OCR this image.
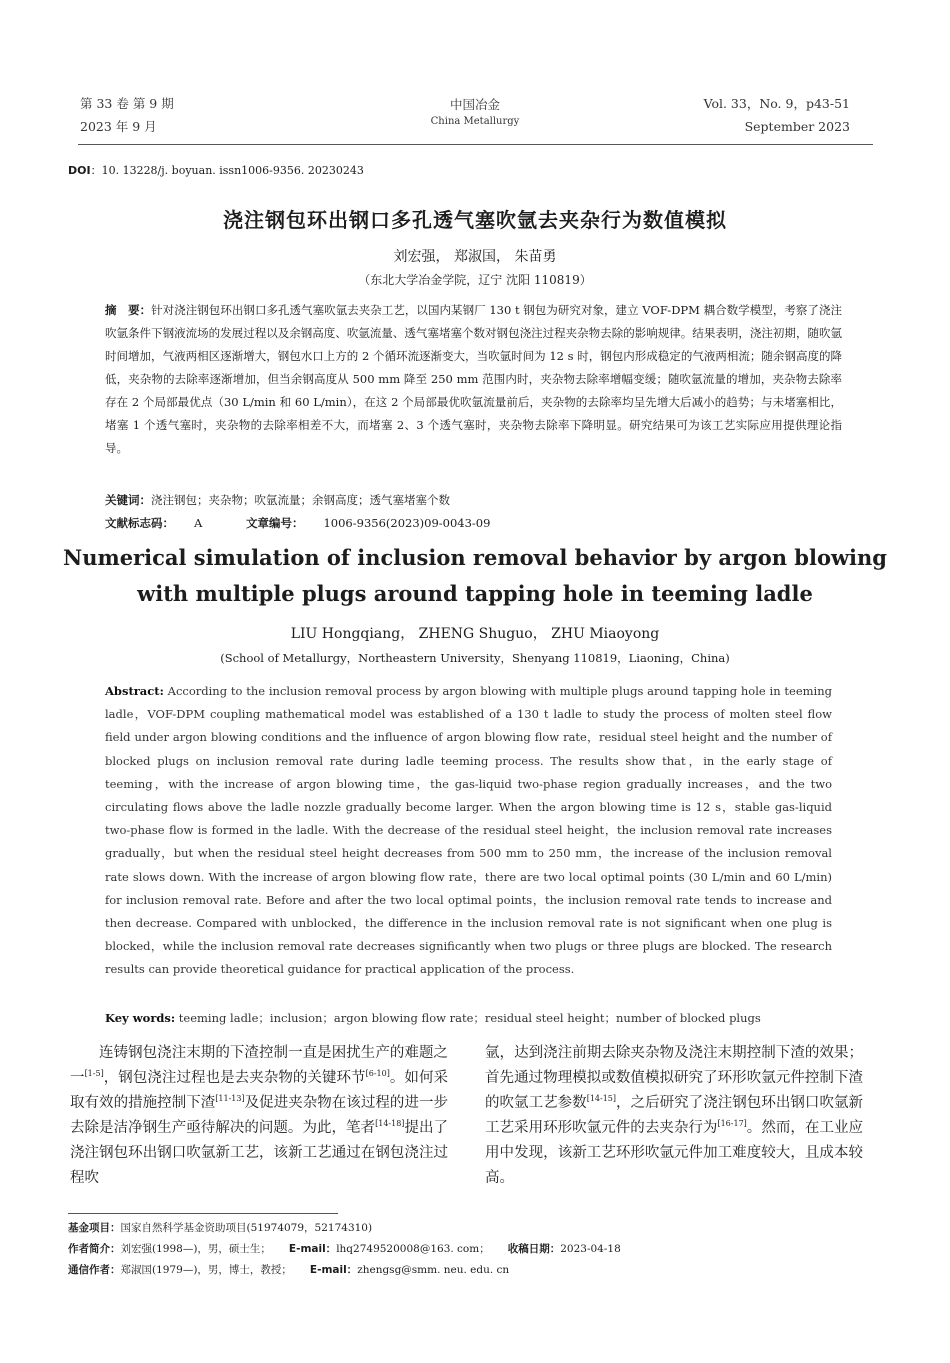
第 33 卷 第 9 期
2023 年 9 月
中国冶金
China Metallurgy
Vol. 33，No. 9，p43-51
September 2023
DOI：10. 13228/j. boyuan. issn1006-9356. 20230243
浇注钢包环出钢口多孔透气塞吹氩去夹杂行为数值模拟
刘宏强， 郑淑国， 朱苗勇
（东北大学冶金学院，辽宁 沈阳 110819）
摘　要：针对浇注钢包环出钢口多孔透气塞吹氩去夹杂工艺，以国内某钢厂 130 t 钢包为研究对象，建立 VOF-DPM 耦合数学模型，考察了浇注吹氩条件下钢液流场的发展过程以及余钢高度、吹氩流量、透气塞堵塞个数对钢包浇注过程夹杂物去除的影响规律。结果表明，浇注初期，随吹氩时间增加，气液两相区逐渐增大，钢包水口上方的 2 个循环流逐渐变大，当吹氩时间为 12 s 时，钢包内形成稳定的气液两相流；随余钢高度的降低，夹杂物的去除率逐渐增加，但当余钢高度从 500 mm 降至 250 mm 范围内时，夹杂物去除率增幅变缓；随吹氩流量的增加，夹杂物去除率存在 2 个局部最优点（30 L/min 和 60 L/min），在这 2 个局部最优吹氩流量前后，夹杂物的去除率均呈先增大后减小的趋势；与未堵塞相比，堵塞 1 个透气塞时，夹杂物的去除率相差不大，而堵塞 2、3 个透气塞时，夹杂物去除率下降明显。研究结果可为该工艺实际应用提供理论指导。
关键词：浇注钢包；夹杂物；吹氩流量；余钢高度；透气塞堵塞个数
文献标志码： A	文章编号： 1006-9356(2023)09-0043-09
Numerical simulation of inclusion removal behavior by argon blowing
with multiple plugs around tapping hole in teeming ladle
LIU Hongqiang， ZHENG Shuguo， ZHU Miaoyong
(School of Metallurgy，Northeastern University，Shenyang 110819，Liaoning，China)
Abstract: According to the inclusion removal process by argon blowing with multiple plugs around tapping hole in teeming ladle，VOF-DPM coupling mathematical model was established of a 130 t ladle to study the process of molten steel flow field under argon blowing conditions and the influence of argon blowing flow rate，residual steel height and the number of blocked plugs on inclusion removal rate during ladle teeming process. The results show that，in the early stage of teeming，with the increase of argon blowing time，the gas-liquid two-phase region gradually increases，and the two circulating flows above the ladle nozzle gradually become larger. When the argon blowing time is 12 s，stable gas-liquid two-phase flow is formed in the ladle. With the decrease of the residual steel height，the inclusion removal rate increases gradually，but when the residual steel height decreases from 500 mm to 250 mm，the increase of the inclusion removal rate slows down. With the increase of argon blowing flow rate，there are two local optimal points (30 L/min and 60 L/min) for inclusion removal rate. Before and after the two local optimal points，the inclusion removal rate tends to increase and then decrease. Compared with unblocked，the difference in the inclusion removal rate is not significant when one plug is blocked，while the inclusion removal rate decreases significantly when two plugs or three plugs are blocked. The research results can provide theoretical guidance for practical application of the process.
Key words: teeming ladle；inclusion；argon blowing flow rate；residual steel height；number of blocked plugs
连铸钢包浇注末期的下渣控制一直是困扰生产的难题之一[1-5]，钢包浇注过程也是去夹杂物的关键环节[6-10]。如何采取有效的措施控制下渣[11-13]及促进夹杂物在该过程的进一步去除是洁净钢生产亟待解决的问题。为此，笔者[14-18]提出了浇注钢包环出钢口吹氩新工艺，该新工艺通过在钢包浇注过程吹
氩，达到浇注前期去除夹杂物及浇注末期控制下渣的效果；首先通过物理模拟或数值模拟研究了环形吹氩元件控制下渣的吹氩工艺参数[14-15]，之后研究了浇注钢包环出钢口吹氩新工艺采用环形吹氩元件的去夹杂行为[16-17]。然而，在工业应用中发现，该新工艺环形吹氩元件加工难度较大，且成本较高。
基金项目：国家自然科学基金资助项目(51974079，52174310)
作者简介：刘宏强(1998—)，男，硕士生； E-mail：lhq2749520008@163. com； 收稿日期：2023-04-18
通信作者：郑淑国(1979—)，男，博士，教授； E-mail：zhengsg@smm. neu. edu. cn
